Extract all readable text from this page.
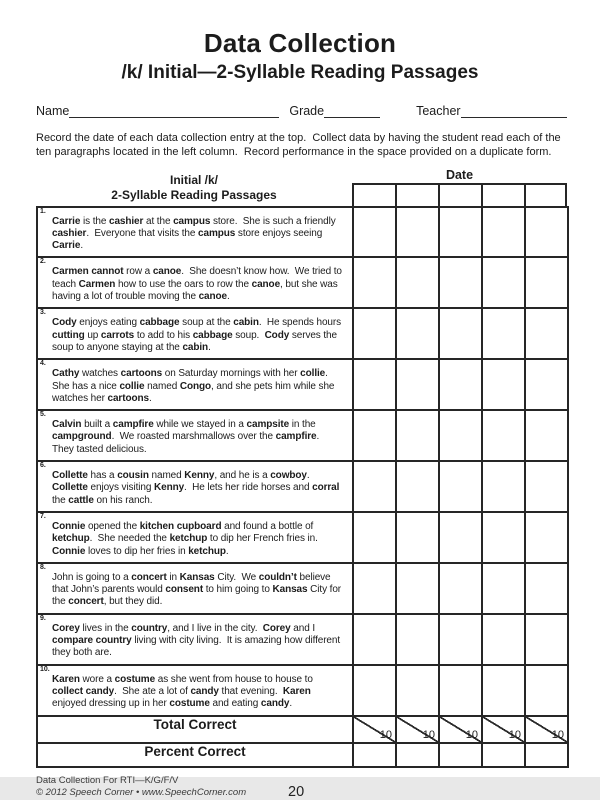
Data Collection
/k/ Initial—2-Syllable Reading Passages
Name	Grade	Teacher
Record the date of each data collection entry at the top.  Collect data by having the student read each of the ten paragraphs located in the left column.  Record performance in the space provided on a duplicate form.
Initial /k/
2-Syllable Reading Passages
Date
1.
Carrie is the cashier at the campus store.  She is such a friendly cashier.  Everyone that visits the campus store enjoys seeing Carrie.					

2.
Carmen cannot row a canoe.  She doesn’t know how.  We tried to teach Carmen how to use the oars to row the canoe, but she was having a lot of trouble moving the canoe.					

3.
Cody enjoys eating cabbage soup at the cabin.  He spends hours cutting up carrots to add to his cabbage soup.  Cody serves the soup to anyone staying at the cabin.					

4.
Cathy watches cartoons on Saturday mornings with her collie.  She has a nice collie named Congo, and she pets him while she watches her cartoons.					

5.
Calvin built a campfire while we stayed in a campsite in the campground.  We roasted marshmallows over the campfire.  They tasted delicious.					

6.
Collette has a cousin named Kenny, and he is a cowboy.  Collette enjoys visiting Kenny.  He lets her ride horses and corral the cattle on his ranch.					

7.
Connie opened the kitchen cupboard and found a bottle of ketchup.  She needed the ketchup to dip her French fries in.  Connie loves to dip her fries in ketchup.					

8.
John is going to a concert in Kansas City.  We couldn’t believe that John’s parents would consent to him going to Kansas City for the concert, but they did.					

9.
Corey lives in the country, and I live in the city.  Corey and I compare country living with city living.  It is amazing how different they both are.					

10.
Karen wore a costume as she went from house to house to collect candy.  She ate a lot of candy that evening.  Karen enjoyed dressing up in her costume and eating candy.					

Total Correct	10	10	10	10	10

Percent Correct					
Data Collection For RTI—K/G/F/V
© 2012 Speech Corner • www.SpeechCorner.com	20
